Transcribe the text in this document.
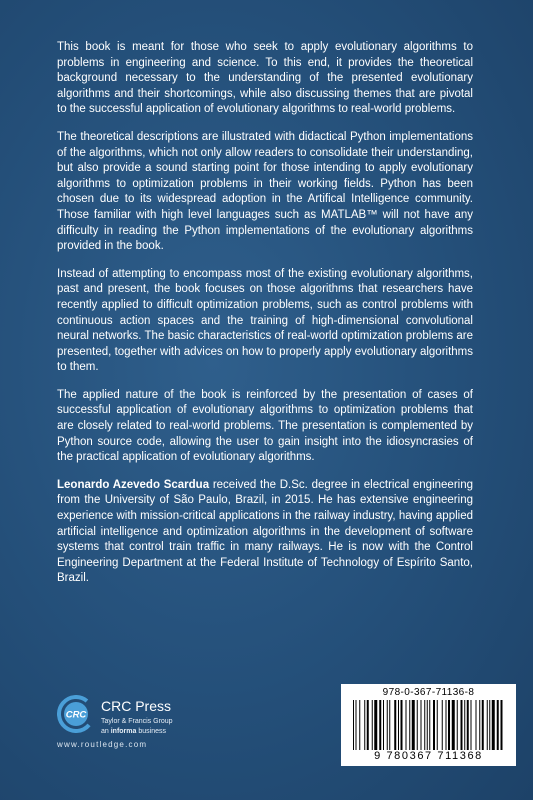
This book is meant for those who seek to apply evolutionary algorithms to problems in engineering and science. To this end, it provides the theoretical background necessary to the understanding of the presented evolutionary algorithms and their shortcomings, while also discussing themes that are pivotal to the successful application of evolutionary algorithms to real-world problems.

The theoretical descriptions are illustrated with didactical Python implementations of the algorithms, which not only allow readers to consolidate their understanding, but also provide a sound starting point for those intending to apply evolutionary algorithms to optimization problems in their working fields. Python has been chosen due to its widespread adoption in the Artifical Intelligence community. Those familiar with high level languages such as MATLAB™ will not have any difficulty in reading the Python implementations of the evolutionary algorithms provided in the book.

Instead of attempting to encompass most of the existing evolutionary algorithms, past and present, the book focuses on those algorithms that researchers have recently applied to difficult optimization problems, such as control problems with continuous action spaces and the training of high-dimensional convolutional neural networks. The basic characteristics of real-world optimization problems are presented, together with advices on how to properly apply evolutionary algorithms to them.

The applied nature of the book is reinforced by the presentation of cases of successful application of evolutionary algorithms to optimization problems that are closely related to real-world problems. The presentation is complemented by Python source code, allowing the user to gain insight into the idiosyncrasies of the practical application of evolutionary algorithms.

Leonardo Azevedo Scardua received the D.Sc. degree in electrical engineering from the University of São Paulo, Brazil, in 2015. He has extensive engineering experience with mission-critical applications in the railway industry, having applied artificial intelligence and optimization algorithms in the development of software systems that control train traffic in many railways. He is now with the Control Engineering Department at the Federal Institute of Technology of Espírito Santo, Brazil.

CRC
CRC Press
Taylor & Francis Group
an informa business
www.routledge.com
978-0-367-71136-8
9 780367 711368
